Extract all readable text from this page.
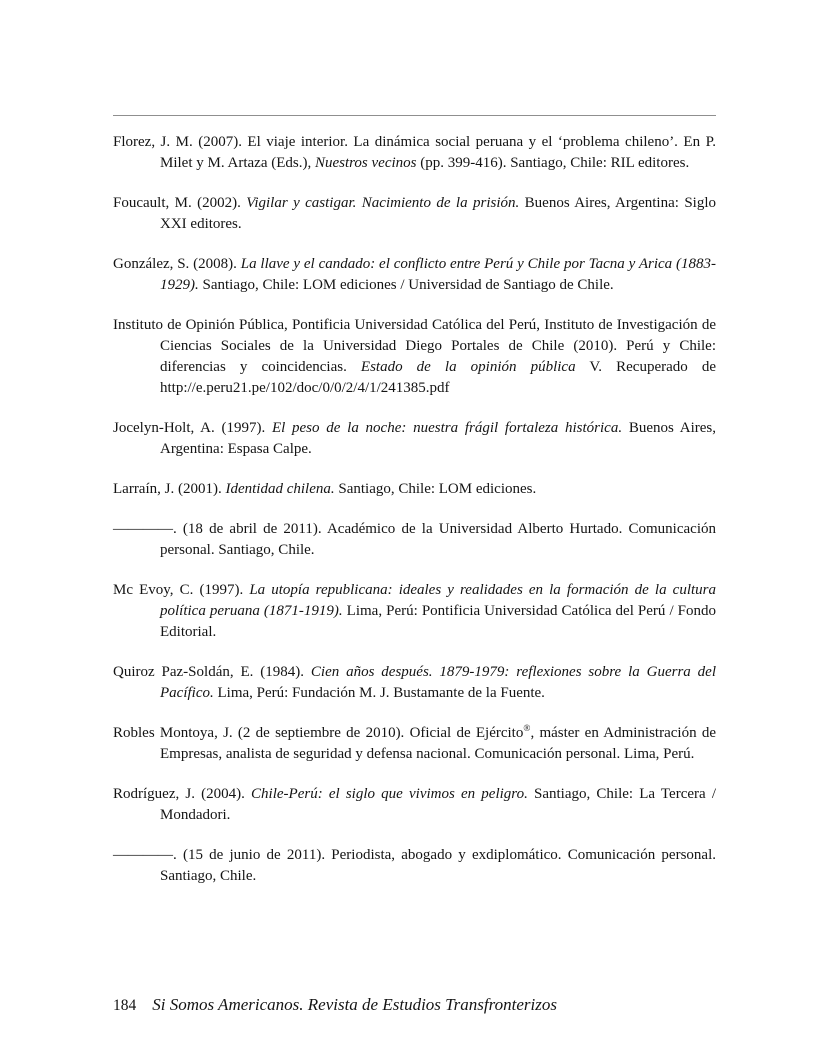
Florez, J. M. (2007). El viaje interior. La dinámica social peruana y el ‘problema chileno’. En P. Milet y M. Artaza (Eds.), Nuestros vecinos (pp. 399-416). Santiago, Chile: RIL editores.

Foucault, M. (2002). Vigilar y castigar. Nacimiento de la prisión. Buenos Aires, Argentina: Siglo XXI editores.

González, S. (2008). La llave y el candado: el conflicto entre Perú y Chile por Tacna y Arica (1883-1929). Santiago, Chile: LOM ediciones / Universidad de Santiago de Chile.

Instituto de Opinión Pública, Pontificia Universidad Católica del Perú, Instituto de Investigación de Ciencias Sociales de la Universidad Diego Portales de Chile (2010). Perú y Chile: diferencias y coincidencias. Estado de la opinión pública V. Recuperado de http://e.peru21.pe/102/doc/0/0/2/4/1/241385.pdf

Jocelyn-Holt, A. (1997). El peso de la noche: nuestra frágil fortaleza histórica. Buenos Aires, Argentina: Espasa Calpe.

Larraín, J. (2001). Identidad chilena. Santiago, Chile: LOM ediciones.

————. (18 de abril de 2011). Académico de la Universidad Alberto Hurtado. Comunicación personal. Santiago, Chile.

Mc Evoy, C. (1997). La utopía republicana: ideales y realidades en la formación de la cultura política peruana (1871-1919). Lima, Perú: Pontificia Universidad Católica del Perú / Fondo Editorial.

Quiroz Paz-Soldán, E. (1984). Cien años después. 1879-1979: reflexiones sobre la Guerra del Pacífico. Lima, Perú: Fundación M. J. Bustamante de la Fuente.

Robles Montoya, J. (2 de septiembre de 2010). Oficial de Ejército®, máster en Administración de Empresas, analista de seguridad y defensa nacional. Comunicación personal. Lima, Perú.

Rodríguez, J. (2004). Chile-Perú: el siglo que vivimos en peligro. Santiago, Chile: La Tercera / Mondadori.

————. (15 de junio de 2011). Periodista, abogado y exdiplomático. Comunicación personal. Santiago, Chile.

184 Si Somos Americanos. Revista de Estudios Transfronterizos
